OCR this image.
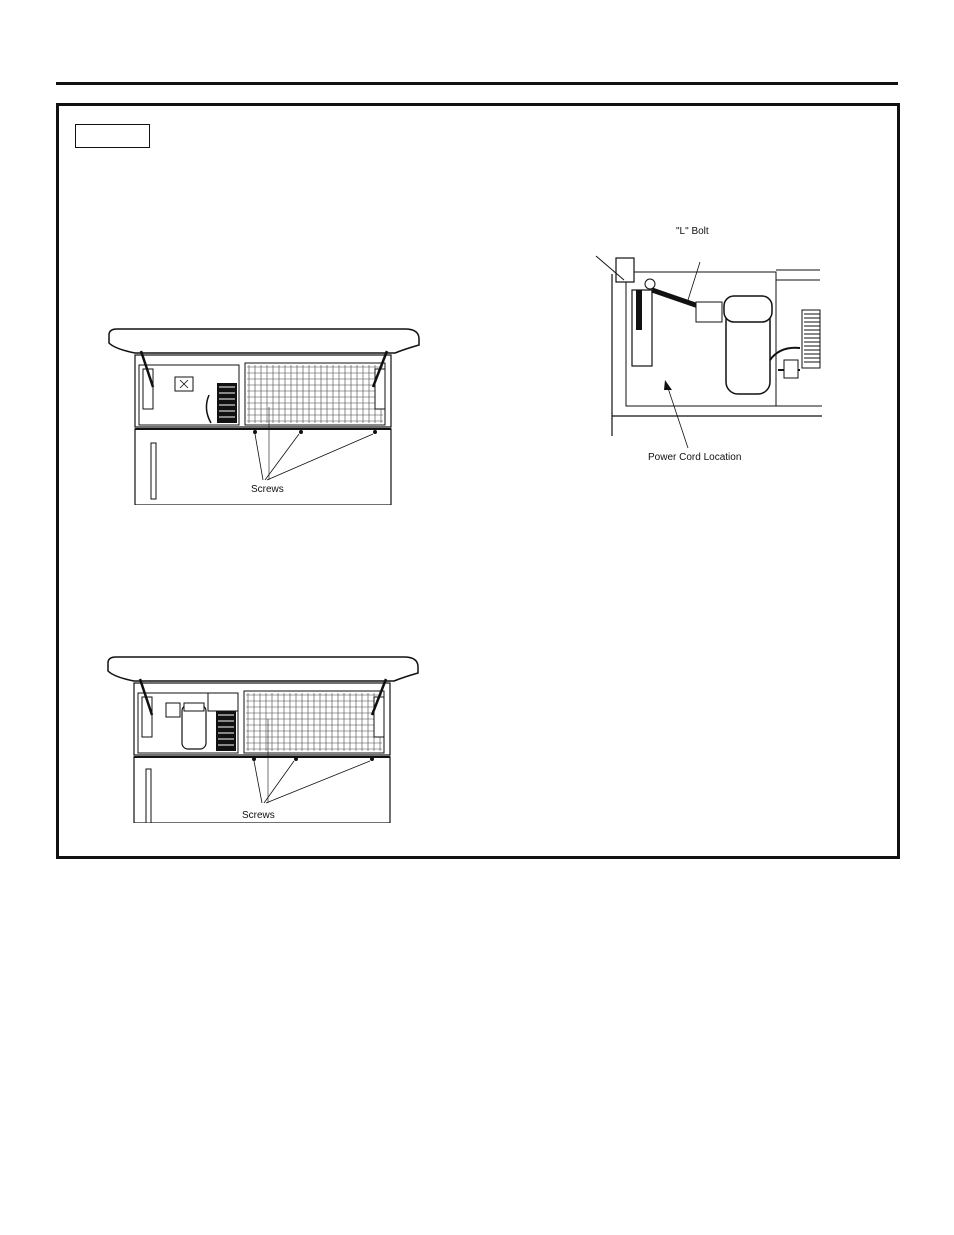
Screws
Screws
"L" Bolt
Power Cord Location
